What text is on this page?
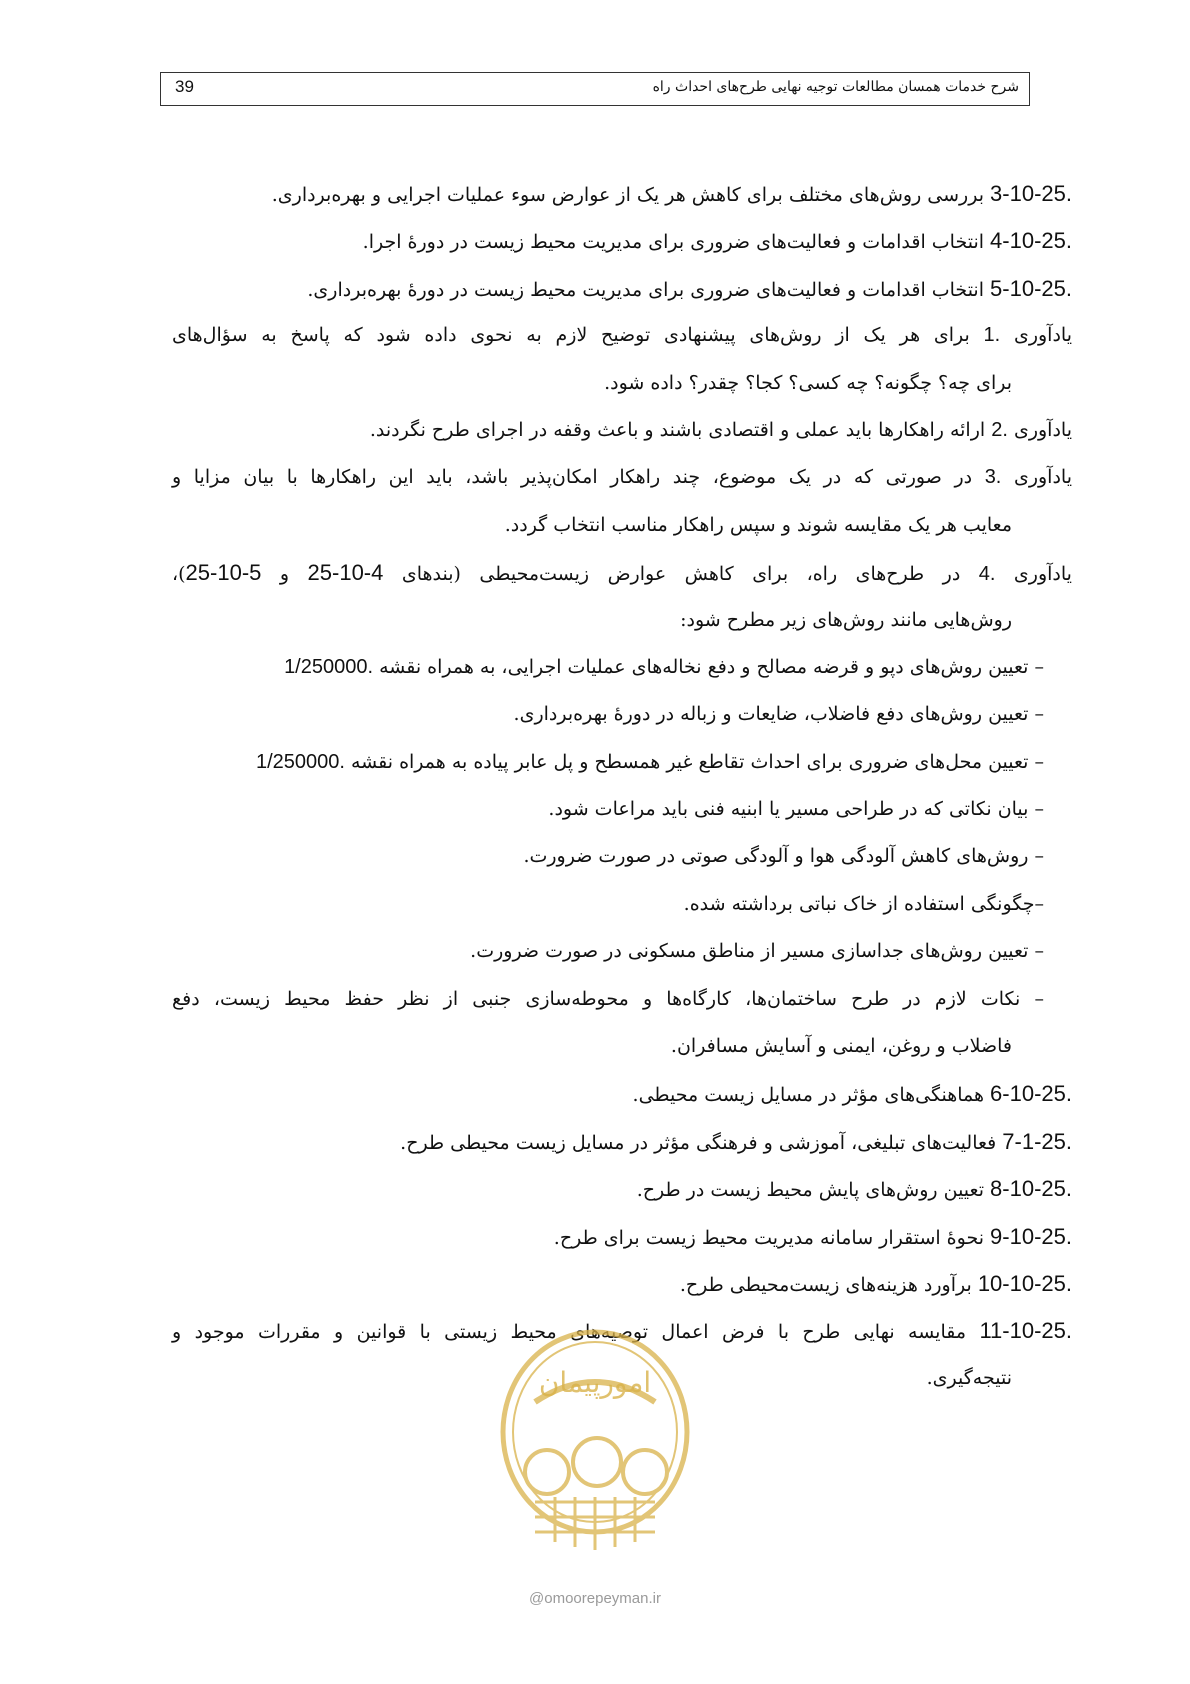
39	شرح خدمات همسان مطالعات توجیه نهایی طرح‌های احداث راه
3-10-25. بررسی روش‌های مختلف برای کاهش هر یک از عوارض سوء عملیات اجرایی و بهره‌برداری.
4-10-25. انتخاب اقدامات و فعالیت‌های ضروری برای مدیریت محیط زیست در دورهٔ اجرا.
5-10-25. انتخاب اقدامات و فعالیت‌های ضروری برای مدیریت محیط زیست در دورهٔ بهره‌برداری.
یادآوری 1. برای هر یک از روش‌های پیشنهادی توضیح لازم به نحوی داده شود که پاسخ به سؤال‌های
برای چه؟ چگونه؟ چه کسی؟ کجا؟ چقدر؟ داده شود.
یادآوری 2. ارائه راهکارها باید عملی و اقتصادی باشند و باعث وقفه در اجرای طرح نگردند.
یادآوری 3. در صورتی که در یک موضوع، چند راهکار امکان‌پذیر باشد، باید این راهکارها با بیان مزایا و
معایب هر یک مقایسه شوند و سپس راهکار مناسب انتخاب گردد.
یادآوری 4. در طرح‌های راه، برای کاهش عوارض زیست‌محیطی (بندهای 25-10-4 و 25-10-5)،
روش‌هایی مانند روش‌های زیر مطرح شود:
– تعیین روش‌های دپو و قرضه مصالح و دفع نخاله‌های عملیات اجرایی، به همراه نقشه 1/250000.
– تعیین روش‌های دفع فاضلاب، ضایعات و زباله در دورهٔ بهره‌برداری.
– تعیین محل‌های ضروری برای احداث تقاطع غیر همسطح و پل عابر پیاده به همراه نقشه 1/250000.
– بیان نکاتی که در طراحی مسیر یا ابنیه فنی باید مراعات شود.
– روش‌های کاهش آلودگی هوا و آلودگی صوتی در صورت ضرورت.
–چگونگی استفاده از خاک نباتی برداشته شده.
– تعیین روش‌های جداسازی مسیر از مناطق مسکونی در صورت ضرورت.
– نکات لازم در طرح ساختمان‌ها، کارگاه‌ها و محوطه‌سازی جنبی از نظر حفظ محیط زیست، دفع
فاضلاب و روغن، ایمنی و آسایش مسافران.
6-10-25. هماهنگی‌های مؤثر در مسایل زیست محیطی.
7-1-25. فعالیت‌های تبلیغی، آموزشی و فرهنگی مؤثر در مسایل زیست محیطی طرح.
8-10-25. تعیین روش‌های پایش محیط زیست در طرح.
9-10-25. نحوهٔ استقرار سامانه مدیریت محیط زیست برای طرح.
10-10-25. برآورد هزینه‌های زیست‌محیطی طرح.
11-10-25. مقایسه نهایی طرح با فرض اعمال توصیه‌های محیط زیستی با قوانین و مقررات موجود و
نتیجه‌گیری.
امورپیمان
@omoorepeyman.ir
